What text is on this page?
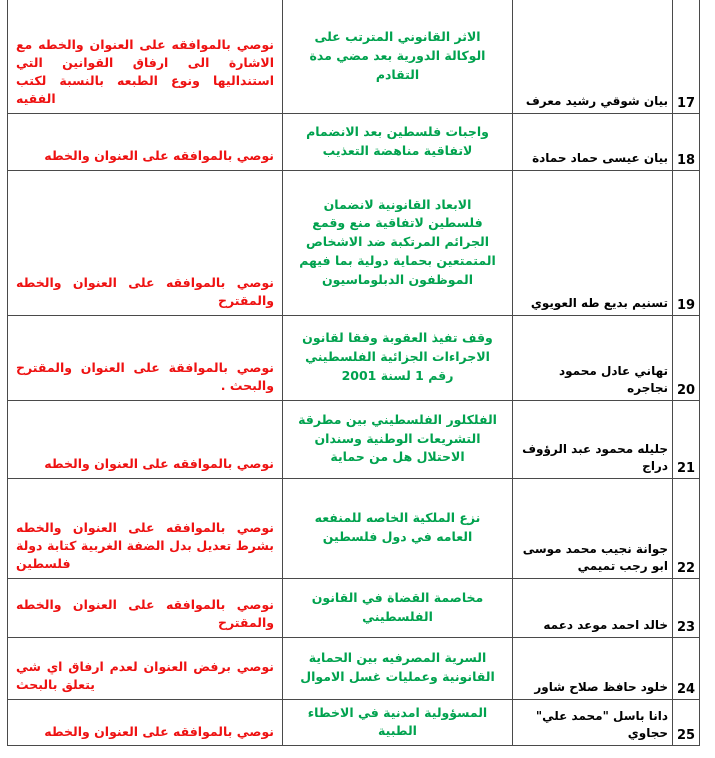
17	بيان شوقي رشيد معرف	الاثر القانوني المترتب على الوكالة الدورية بعد مضي مدة التقادم	نوصي بالموافقه على العنوان والخطه مع الاشارة الى ارفاق القوانين التي استنداليها ونوع الطبعه بالنسبة لكتب الفقيه
18	بيان عيسى حماد حمادة	واجبات فلسطين بعد الانضمام لاتفاقية مناهضة التعذيب	نوصي بالموافقه على العنوان والخطه
19	تسنيم بديع طه العويوي	الابعاد القانونية لانضمان فلسطين لاتفاقية منع وقمع الجرائم المرتكبة ضد الاشخاص المتمتعين بحماية دولية بما فيهم الموظفون الدبلوماسيون	نوصي بالموافقه على العنوان والخطه والمقترح
20	تهاني عادل محمود نجاجره	وقف تفيذ العقوبة وفقا لقانون الاجراءات الجزائية الفلسطيني رقم 1 لسنة 2001	نوصي بالموافقة على العنوان والمقترح والبحث .
21	جليله محمود عبد الرؤوف دراج	الفلكلور الفلسطيني بين مطرقة التشريعات الوطنية وسندان الاحتلال هل من حماية	نوصي بالموافقه على العنوان والخطه
22	جوانة نجيب محمد موسى ابو رجب تميمي	نزع الملكية الخاصه للمنفعه العامه في دول فلسطين	نوصي بالموافقه على العنوان والخطه بشرط تعديل بدل الضفة الغربية كتابة دولة فلسطين
23	خالد احمد موعد دعمه	مخاصمة القضاة في القانون الفلسطيني	نوصي بالموافقه على العنوان والخطه والمقترح
24	خلود حافظ صلاح شاور	السرية المصرفيه بين الحماية القانونية وعمليات غسل الاموال	نوصي برفض العنوان لعدم ارفاق اي شي يتعلق بالبحث
25	دانا باسل "محمد علي" حجاوي	المسؤولية امدنية في الاخطاء الطبية	نوصي بالموافقه على العنوان والخطه
